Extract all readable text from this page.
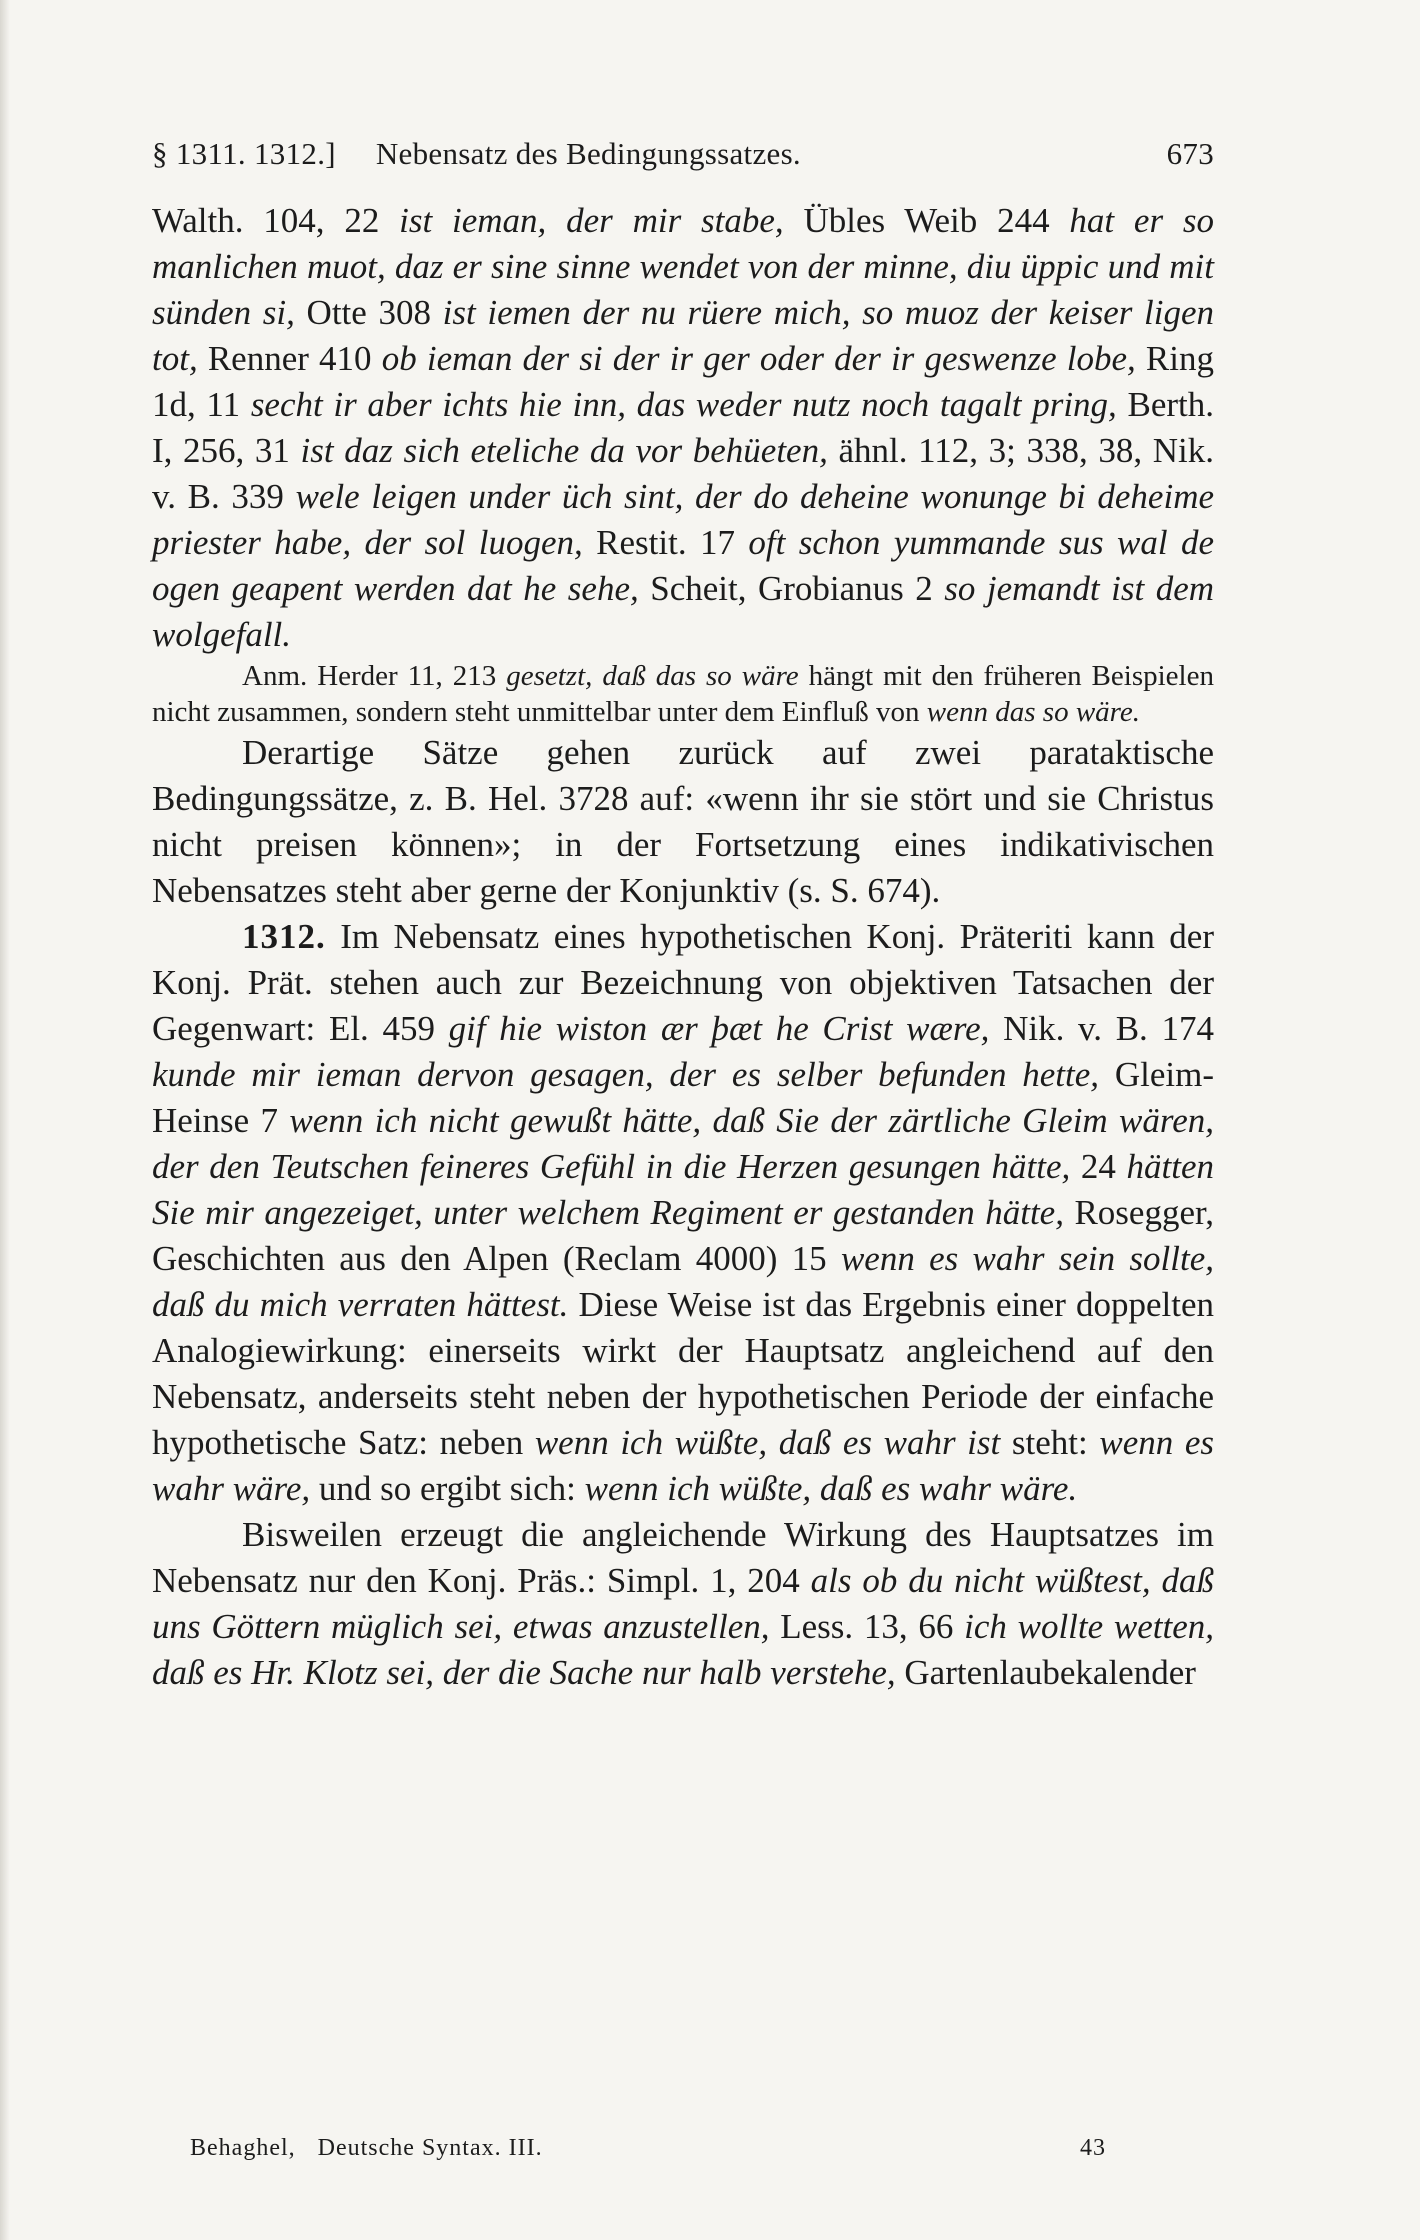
§ 1311. 1312.] Nebensatz des Bedingungssatzes.	673

Walth. 104, 22 ist ieman, der mir stabe, Übles Weib 244 hat er so manlichen muot, daz er sine sinne wendet von der minne, diu üppic und mit sünden si, Otte 308 ist iemen der nu rüere mich, so muoz der keiser ligen tot, Renner 410 ob ieman der si der ir ger oder der ir geswenze lobe, Ring 1d, 11 secht ir aber ichts hie inn, das weder nutz noch tagalt pring, Berth. I, 256, 31 ist daz sich eteliche da vor behüeten, ähnl. 112, 3; 338, 38, Nik. v. B. 339 wele leigen under üch sint, der do deheine wonunge bi deheime priester habe, der sol luogen, Restit. 17 oft schon yummande sus wal de ogen geapent werden dat he sehe, Scheit, Grobianus 2 so jemandt ist dem wolgefall.

Anm. Herder 11, 213 gesetzt, daß das so wäre hängt mit den früheren Beispielen nicht zusammen, sondern steht unmittelbar unter dem Einfluß von wenn das so wäre.

Derartige Sätze gehen zurück auf zwei parataktische Bedingungssätze, z. B. Hel. 3728 auf: «wenn ihr sie stört und sie Christus nicht preisen können»; in der Fortsetzung eines indikativischen Nebensatzes steht aber gerne der Konjunktiv (s. S. 674).

1312. Im Nebensatz eines hypothetischen Konj. Präteriti kann der Konj. Prät. stehen auch zur Bezeichnung von objektiven Tatsachen der Gegenwart: El. 459 gif hie wiston ær þæt he Crist wære, Nik. v. B. 174 kunde mir ieman dervon gesagen, der es selber befunden hette, Gleim-Heinse 7 wenn ich nicht gewußt hätte, daß Sie der zärtliche Gleim wären, der den Teutschen feineres Gefühl in die Herzen gesungen hätte, 24 hätten Sie mir angezeiget, unter welchem Regiment er gestanden hätte, Rosegger, Geschichten aus den Alpen (Reclam 4000) 15 wenn es wahr sein sollte, daß du mich verraten hättest. Diese Weise ist das Ergebnis einer doppelten Analogiewirkung: einerseits wirkt der Hauptsatz angleichend auf den Nebensatz, anderseits steht neben der hypothetischen Periode der einfache hypothetische Satz: neben wenn ich wüßte, daß es wahr ist steht: wenn es wahr wäre, und so ergibt sich: wenn ich wüßte, daß es wahr wäre.

Bisweilen erzeugt die angleichende Wirkung des Hauptsatzes im Nebensatz nur den Konj. Präs.: Simpl. 1, 204 als ob du nicht wüßtest, daß uns Göttern müglich sei, etwas anzustellen, Less. 13, 66 ich wollte wetten, daß es Hr. Klotz sei, der die Sache nur halb verstehe, Gartenlaubekalender

Behaghel, Deutsche Syntax. III.	43
